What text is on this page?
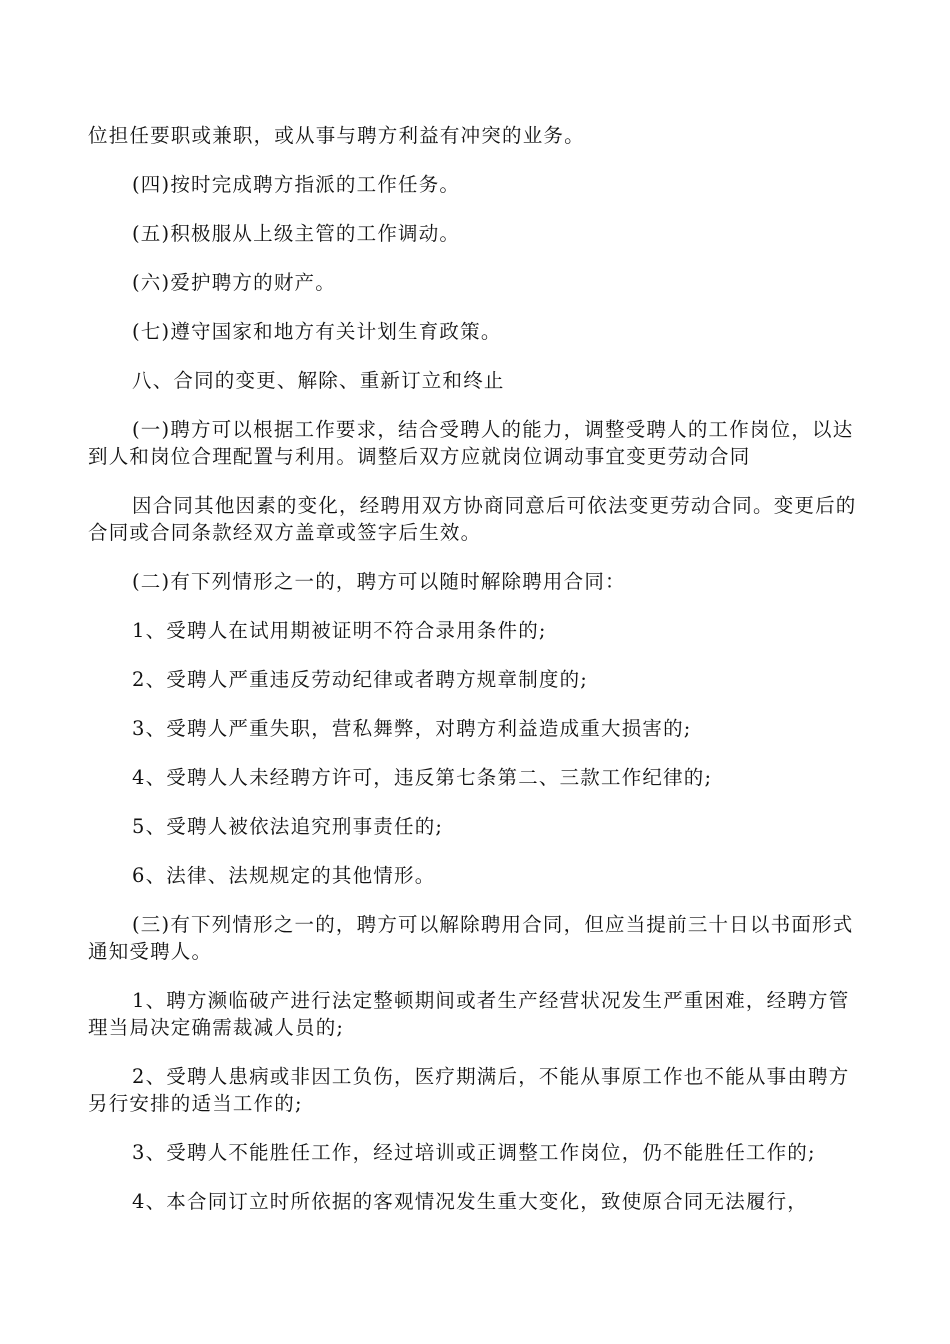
位担任要职或兼职，或从事与聘方利益有冲突的业务。

(四)按时完成聘方指派的工作任务。

(五)积极服从上级主管的工作调动。

(六)爱护聘方的财产。

(七)遵守国家和地方有关计划生育政策。

八、合同的变更、解除、重新订立和终止

(一)聘方可以根据工作要求，结合受聘人的能力，调整受聘人的工作岗位，以达到人和岗位合理配置与利用。调整后双方应就岗位调动事宜变更劳动合同

因合同其他因素的变化，经聘用双方协商同意后可依法变更劳动合同。变更后的合同或合同条款经双方盖章或签字后生效。

(二)有下列情形之一的，聘方可以随时解除聘用合同：

1、受聘人在试用期被证明不符合录用条件的;

2、受聘人严重违反劳动纪律或者聘方规章制度的;

3、受聘人严重失职，营私舞弊，对聘方利益造成重大损害的;

4、受聘人人未经聘方许可，违反第七条第二、三款工作纪律的;

5、受聘人被依法追究刑事责任的;

6、法律、法规规定的其他情形。

(三)有下列情形之一的，聘方可以解除聘用合同，但应当提前三十日以书面形式通知受聘人。

1、聘方濒临破产进行法定整顿期间或者生产经营状况发生严重困难，经聘方管理当局决定确需裁减人员的;

2、受聘人患病或非因工负伤，医疗期满后，不能从事原工作也不能从事由聘方另行安排的适当工作的;

3、受聘人不能胜任工作，经过培训或正调整工作岗位，仍不能胜任工作的;

4、本合同订立时所依据的客观情况发生重大变化，致使原合同无法履行，
